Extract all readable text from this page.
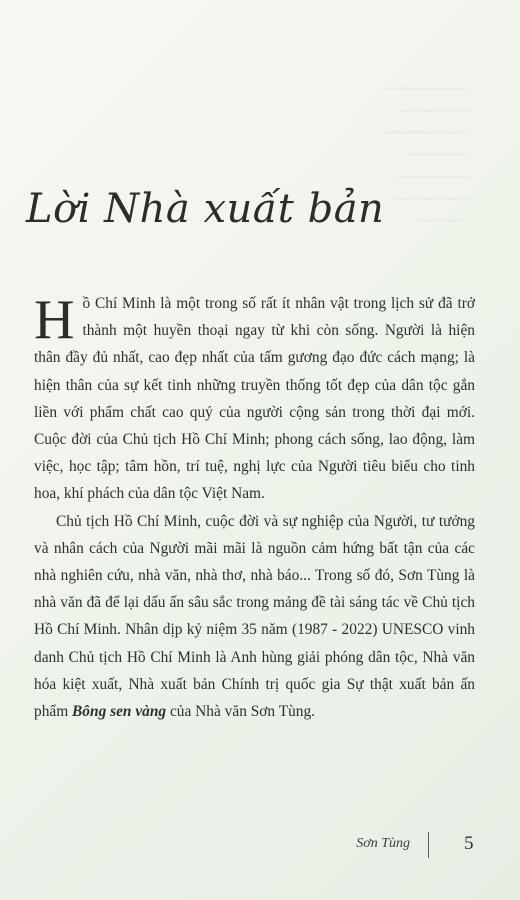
~~~~~~~~~~~~~~
~~~~~~~~~~~~
~~~~~~~~~~~~~~
~~~~~~~~~~
~~~~~~~~~~~~
~~~~~~~~~~~~~
~~~~~~~~~
Lời Nhà xuất bản

Hồ Chí Minh là một trong số rất ít nhân vật trong lịch sử đã trở thành một huyền thoại ngay từ khi còn sống. Người là hiện thân đầy đủ nhất, cao đẹp nhất của tấm gương đạo đức cách mạng; là hiện thân của sự kết tinh những truyền thống tốt đẹp của dân tộc gắn liền với phẩm chất cao quý của người cộng sản trong thời đại mới. Cuộc đời của Chủ tịch Hồ Chí Minh; phong cách sống, lao động, làm việc, học tập; tâm hồn, trí tuệ, nghị lực của Người tiêu biểu cho tinh hoa, khí phách của dân tộc Việt Nam.

Chủ tịch Hồ Chí Minh, cuộc đời và sự nghiệp của Người, tư tưởng và nhân cách của Người mãi mãi là nguồn cảm hứng bất tận của các nhà nghiên cứu, nhà văn, nhà thơ, nhà báo... Trong số đó, Sơn Tùng là nhà văn đã để lại dấu ấn sâu sắc trong mảng đề tài sáng tác về Chủ tịch Hồ Chí Minh. Nhân dịp kỷ niệm 35 năm (1987 - 2022) UNESCO vinh danh Chủ tịch Hồ Chí Minh là Anh hùng giải phóng dân tộc, Nhà văn hóa kiệt xuất, Nhà xuất bản Chính trị quốc gia Sự thật xuất bản ấn phẩm Bông sen vàng của Nhà văn Sơn Tùng.

Sơn Tùng	5
